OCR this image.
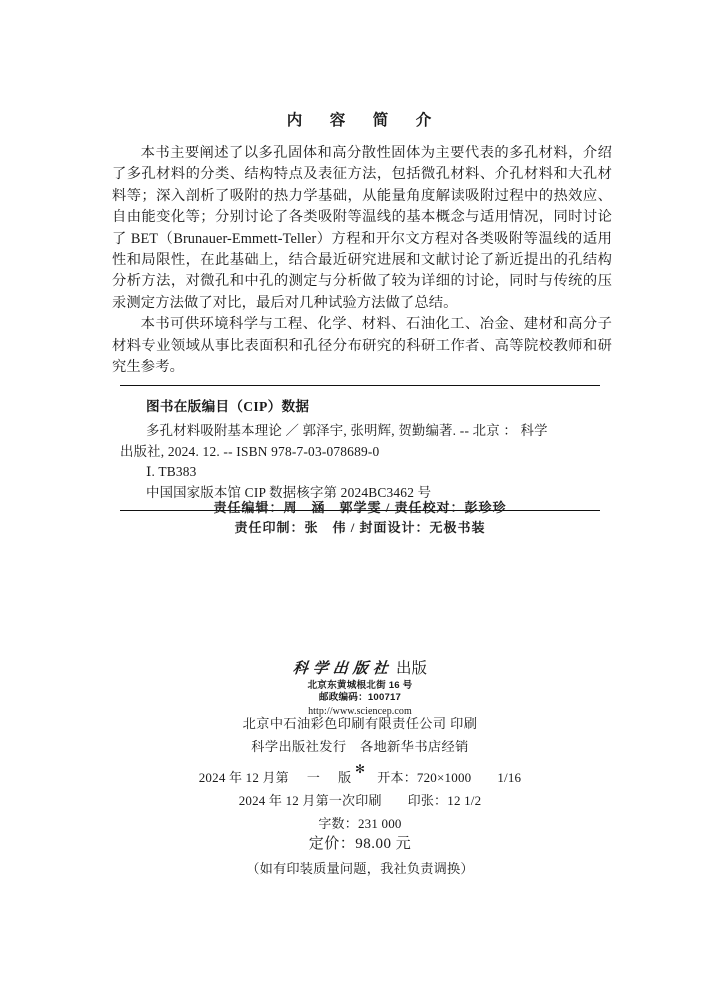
内　容　简　介

本书主要阐述了以多孔固体和高分散性固体为主要代表的多孔材料，介绍了多孔材料的分类、结构特点及表征方法，包括微孔材料、介孔材料和大孔材料等；深入剖析了吸附的热力学基础，从能量角度解读吸附过程中的热效应、自由能变化等；分别讨论了各类吸附等温线的基本概念与适用情况，同时讨论了 BET（Brunauer-Emmett-Teller）方程和开尔文方程对各类吸附等温线的适用性和局限性，在此基础上，结合最近研究进展和文献讨论了新近提出的孔结构分析方法，对微孔和中孔的测定与分析做了较为详细的讨论，同时与传统的压汞测定方法做了对比，最后对几种试验方法做了总结。

本书可供环境科学与工程、化学、材料、石油化工、冶金、建材和高分子材料专业领域从事比表面积和孔径分布研究的科研工作者、高等院校教师和研究生参考。

图书在版编目（CIP）数据

多孔材料吸附基本理论 ／ 郭泽宇, 张明辉, 贺勤编著. -- 北京 ： 科学

出版社, 2024. 12. -- ISBN 978-7-03-078689-0

Ⅰ. TB383

中国国家版本馆 CIP 数据核字第 2024BC3462 号

责任编辑：周　涵　郭学雯 / 责任校对：彭珍珍
责任印制：张　伟 / 封面设计：无极书装
科学出版社 出版
北京东黄城根北街 16 号
邮政编码：100717
http://www.sciencep.com
北京中石油彩色印刷有限责任公司 印刷
科学出版社发行　各地新华书店经销
✻
2024 年 12 月第 一 版 开本：720×1000 1/16
2024 年 12 月第一次印刷 印张：12 1/2
字数：231 000
定价：98.00 元
（如有印装质量问题，我社负责调换）
